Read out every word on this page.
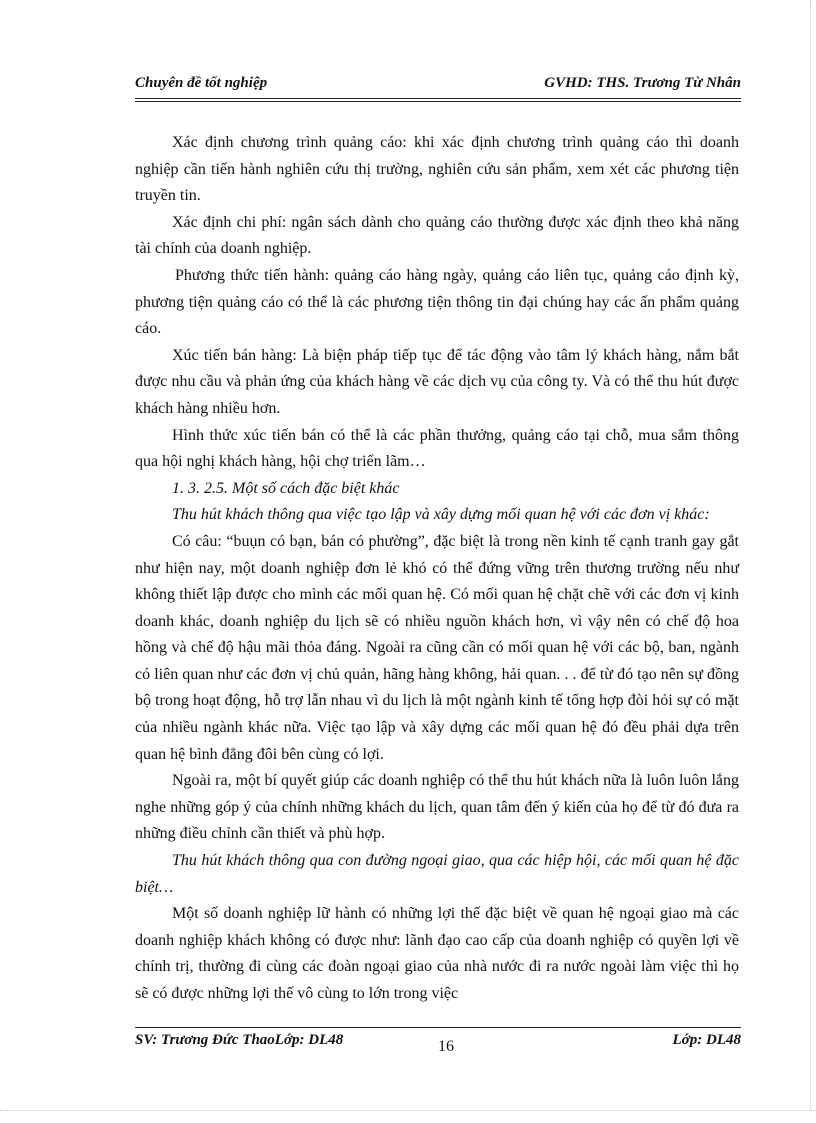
Chuyên đề tốt nghiệp	GVHD: THS. Trương Từ Nhân

Xác định chương trình quảng cáo: khi xác định chương trình quảng cáo thì doanh nghiệp cần tiến hành nghiên cứu thị trường, nghiên cứu sản phẩm, xem xét các phương tiện truyền tin.

Xác định chi phí: ngân sách dành cho quảng cáo thường được xác định theo khả năng tài chính của doanh nghiệp.

Phương thức tiến hành: quảng cáo hàng ngày, quảng cáo liên tục, quảng cáo định kỳ, phương tiện quảng cáo có thể là các phương tiện thông tin đại chúng hay các ấn phẩm quảng cáo.

Xúc tiến bán hàng: Là biện pháp tiếp tục để tác động vào tâm lý khách hàng, nắm bắt được nhu cầu và phản ứng của khách hàng về các dịch vụ của công ty. Và có thể thu hút được khách hàng nhiều hơn.

Hình thức xúc tiến bán có thể là các phần thưởng, quảng cáo tại chỗ, mua sắm thông qua hội nghị khách hàng, hội chợ triển lãm…

1. 3. 2.5. Một số cách đặc biệt khác

Thu hút khách thông qua việc tạo lập và xây dựng mối quan hệ với các đơn vị khác:

Có câu: “buụn có bạn, bán có phường”, đặc biệt là trong nền kinh tế cạnh tranh gay gắt như hiện nay, một doanh nghiệp đơn lẻ khó có thể đứng vững trên thương trường nếu như không thiết lập được cho mình các mối quan hệ. Có mối quan hệ chặt chẽ với các đơn vị kinh doanh khác, doanh nghiệp du lịch sẽ có nhiều nguồn khách hơn, vì vậy nên có chế độ hoa hồng và chế độ hậu mãi thỏa đáng. Ngoài ra cũng cần có mối quan hệ với các bộ, ban, ngành có liên quan như các đơn vị chủ quản, hãng hàng không, hải quan. . . để từ đó tạo nên sự đồng bộ trong hoạt động, hỗ trợ lẫn nhau vì du lịch là một ngành kinh tế tổng hợp đòi hỏi sự có mặt của nhiều ngành khác nữa. Việc tạo lập và xây dựng các mối quan hệ đó đều phải dựa trên quan hệ bình đẳng đôi bên cùng có lợi.

Ngoài ra, một bí quyết giúp các doanh nghiệp có thể thu hút khách nữa là luôn luôn lắng nghe những góp ý của chính những khách du lịch, quan tâm đến ý kiến của họ để từ đó đưa ra những điều chỉnh cần thiết và phù hợp.

Thu hút khách thông qua con đường ngoại giao, qua các hiệp hội, các mối quan hệ đặc biệt…

Một số doanh nghiệp lữ hành có những lợi thế đặc biệt về quan hệ ngoại giao mà các doanh nghiệp khách không có được như: lãnh đạo cao cấp của doanh nghiệp có quyền lợi về chính trị, thường đi cùng các đoàn ngoại giao của nhà nước đi ra nước ngoài làm việc thì họ sẽ có được những lợi thế vô cùng to lớn trong việc

SV: Trương Đức ThaoLớp: DL48	16	Lớp: DL48
